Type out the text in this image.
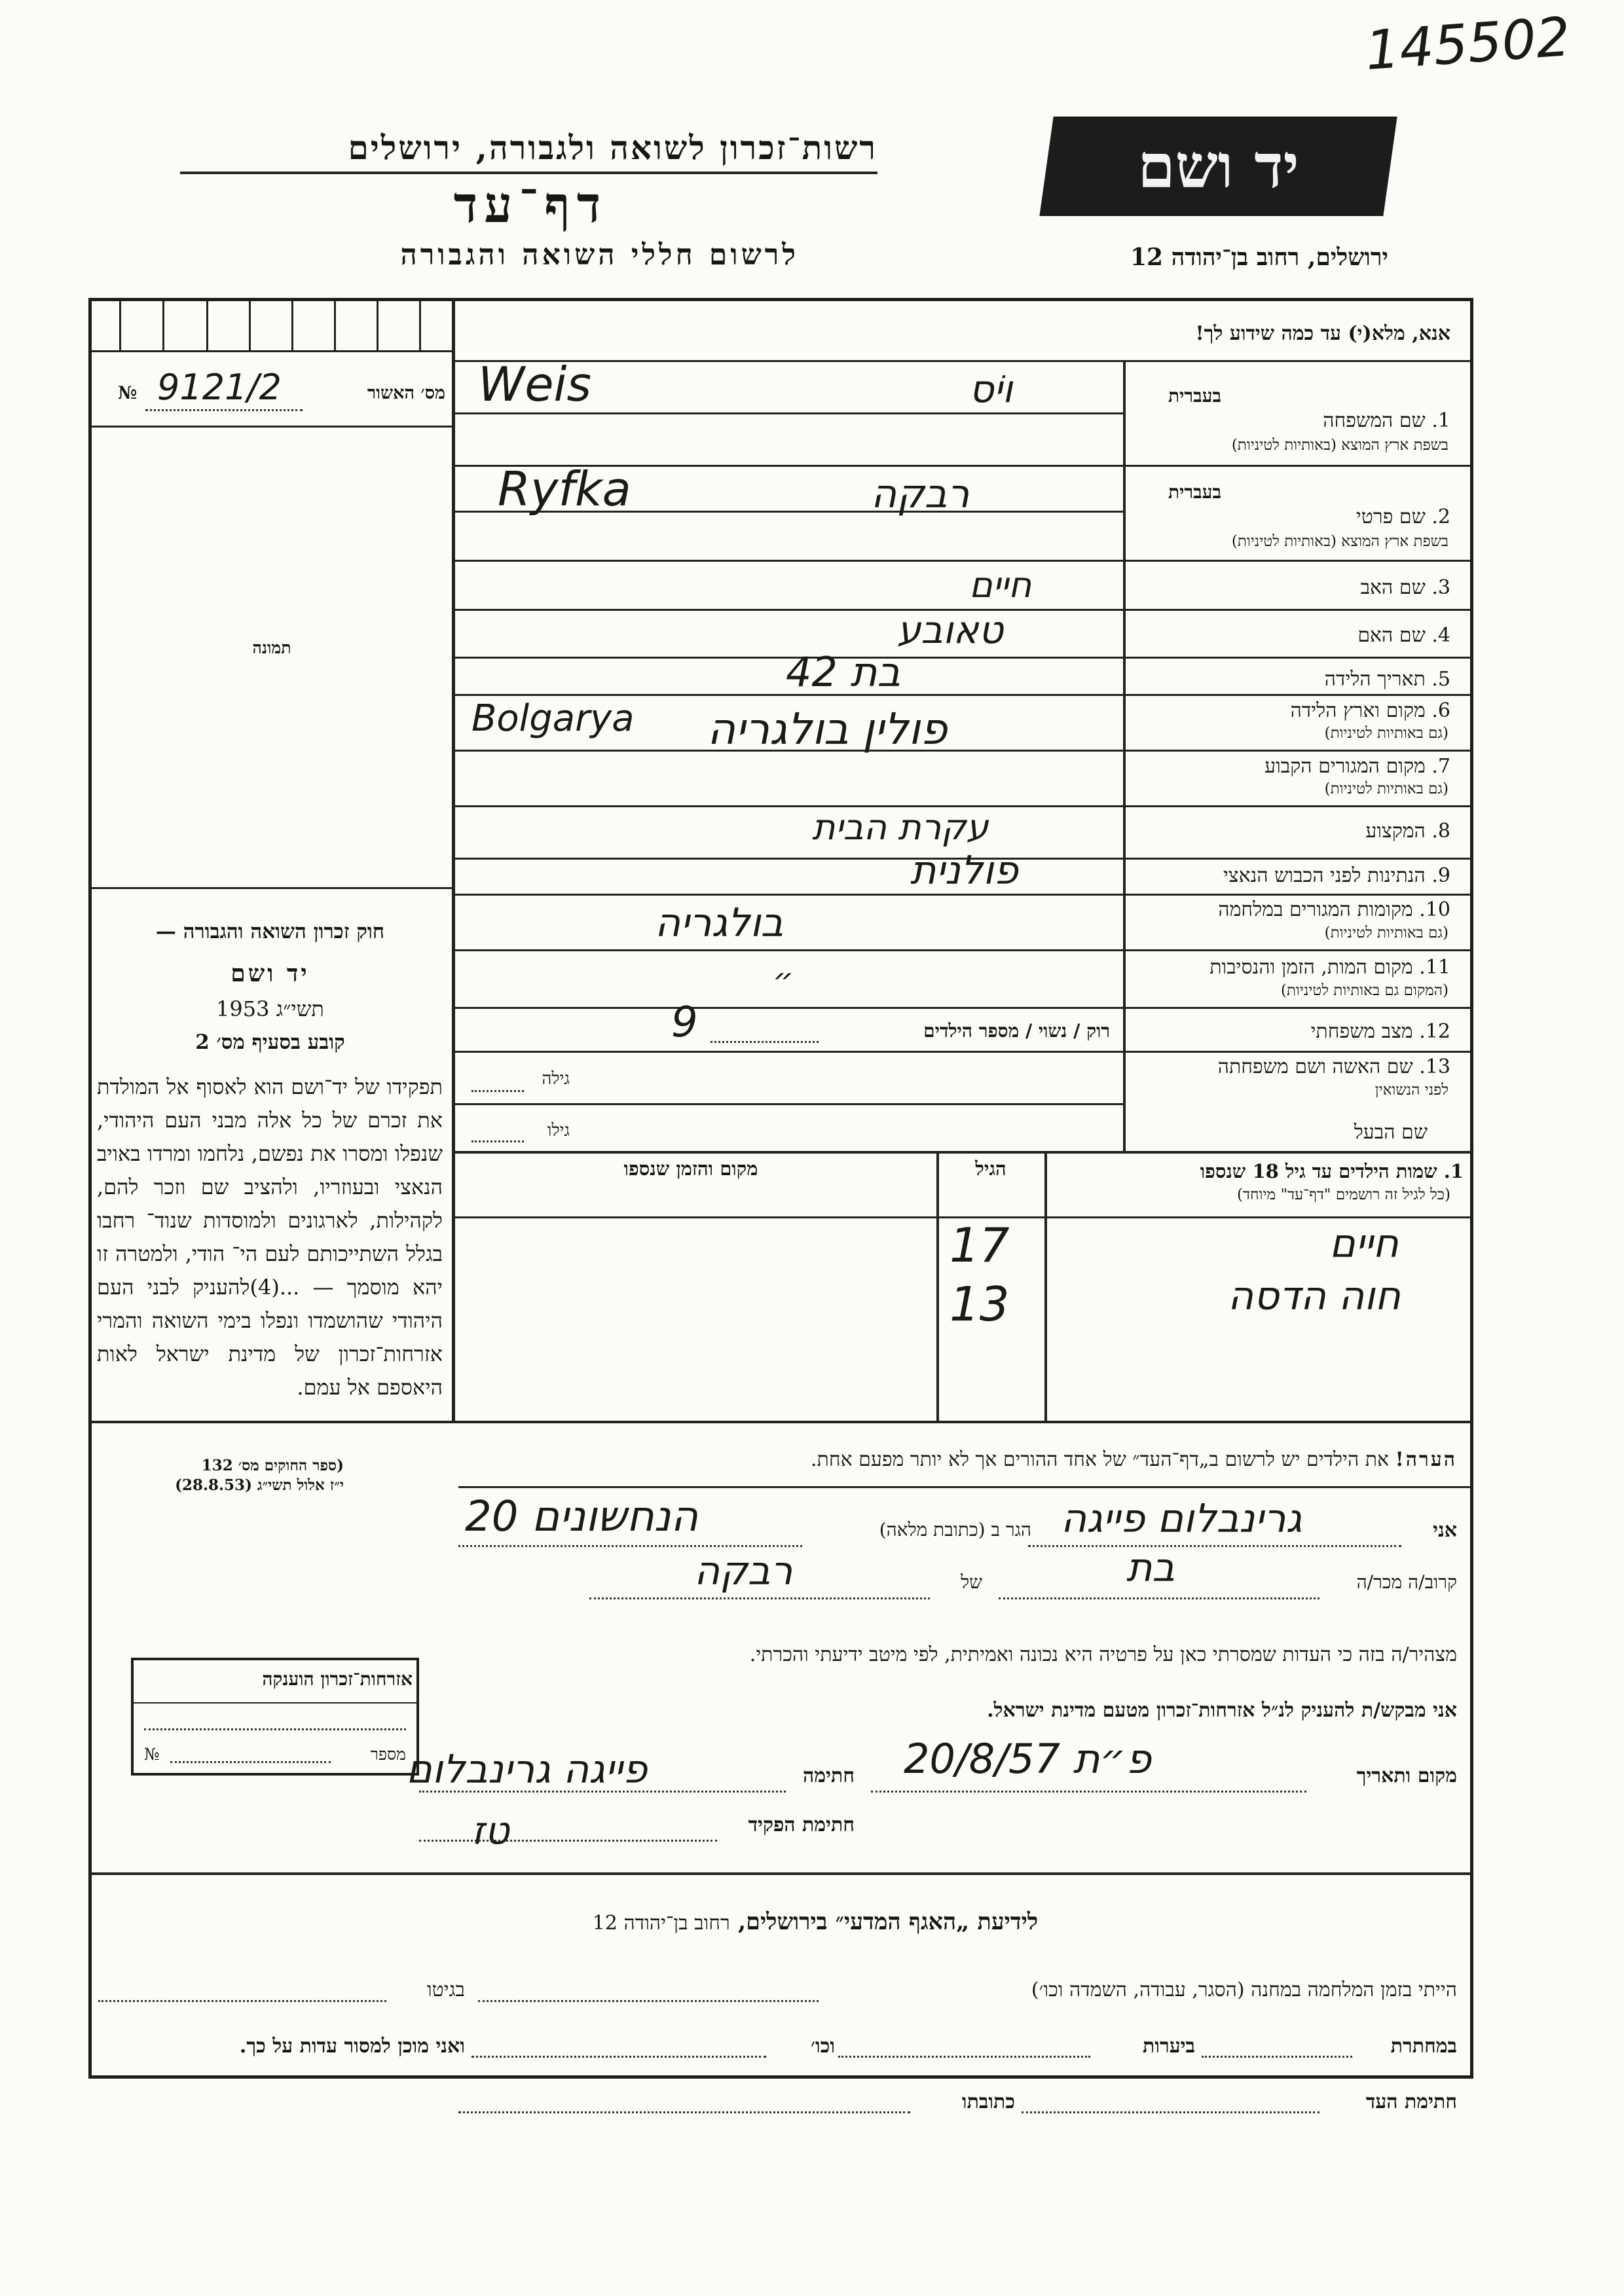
145502
רשות־זכרון לשואה ולגבורה, ירושלים
דף־עד
לרשום חללי השואה והגבורה
יד ושם
ירושלים, רחוב בן־יהודה 12
מס׳ האשור
9121/2
№
תמונה
חוק זכרון השואה והגבורה —
יד ושם
תשי״ג 1953
קובע בסעיף מס׳ 2
תפקידו של יד־ושם הוא לאסוף אל המולדת את זכרם של כל אלה מבני העם היהודי, שנפלו ומסרו את נפשם, נלחמו ומרדו באויב הנאצי ובעוזריו, ולהציב שם וזכר להם, לקהילות, לארגונים ולמוסדות שנוד־ רחבו בגלל השתייכותם לעם הי־ הודי, ולמטרה זו יהא מוסמך — ...(4)להעניק לבני העם היהודי שהושמדו ונפלו בימי השואה והמרי אזרחות־זכרון של מדינת ישראל לאות היאספם אל עמם.
(ספר החוקים מס׳ 132
י״ז אלול תשי״ג (28.8.53)
אנא, מלא(י) עד כמה שידוע לך!
בעברית
1. שם המשפחה
בשפת ארץ המוצא (באותיות לטיניות)
וֹיס
Weis
בעברית
2. שם פרטי
בשפת ארץ המוצא (באותיות לטיניות)
רבקה
Ryfka
3. שם האב
חיים
4. שם האם
טאובע
5. תאריך הלידה
בת 42
6. מקום וארץ הלידה
(גם באותיות לטיניות)
פולין בולגריה
Bolgarya
7. מקום המגורים הקבוע
(גם באותיות לטיניות)
8. המקצוע
עקרת הבית
9. הנתינות לפני הכבוש הנאצי
פולנית
10. מקומות המגורים במלחמה
(גם באותיות לטיניות)
בולגריה
11. מקום המות, הזמן והנסיבות
(המקום גם באותיות לטיניות)
״
12. מצב משפחתי
רוק / נשוי / מספר הילדים
9
13. שם האשה ושם משפחתה
לפני הנשואין
גילה
שם הבעל
גילו
1. שמות הילדים עד גיל 18 שנספו
(כל לגיל זה רושמים "דף־עד" מיוחד)
הגיל
מקום והזמן שנספו
חיים
17
חוה הדסה
13
הערה! את הילדים יש לרשום ב„דף־העד״ של אחד ההורים אך לא יותר מפעם אחת.
אני
גרינבלום פייגה
הגר ב (כתובת מלאה)
הנחשונים 20
קרוב/ה מכר/ה
בת
של
רבקה
מצהיר/ה בזה כי העדות שמסרתי כאן על פרטיה היא נכונה ואמיתית, לפי מיטב ידיעתי והכרתי.
אזרחות־זכרון הוענקה
מספר
№
אני מבקש/ת להעניק לנ״ל אזרחות־זכרון מטעם מדינת ישראל.
מקום ותאריך
פ״ת 20/8/57
חתימה
פייגה גרינבלום
חתימת הפקיד
טז
לידיעת „האגף המדעי״ בירושלים, רחוב בן־יהודה 12
הייתי בזמן המלחמה במחנה (הסגר, עבודה, השמדה וכו׳)
בגיטו
במחתרת
ביערות
וכו׳
ואני מוכן למסור עדות על כך.
חתימת העד
כתובתו
